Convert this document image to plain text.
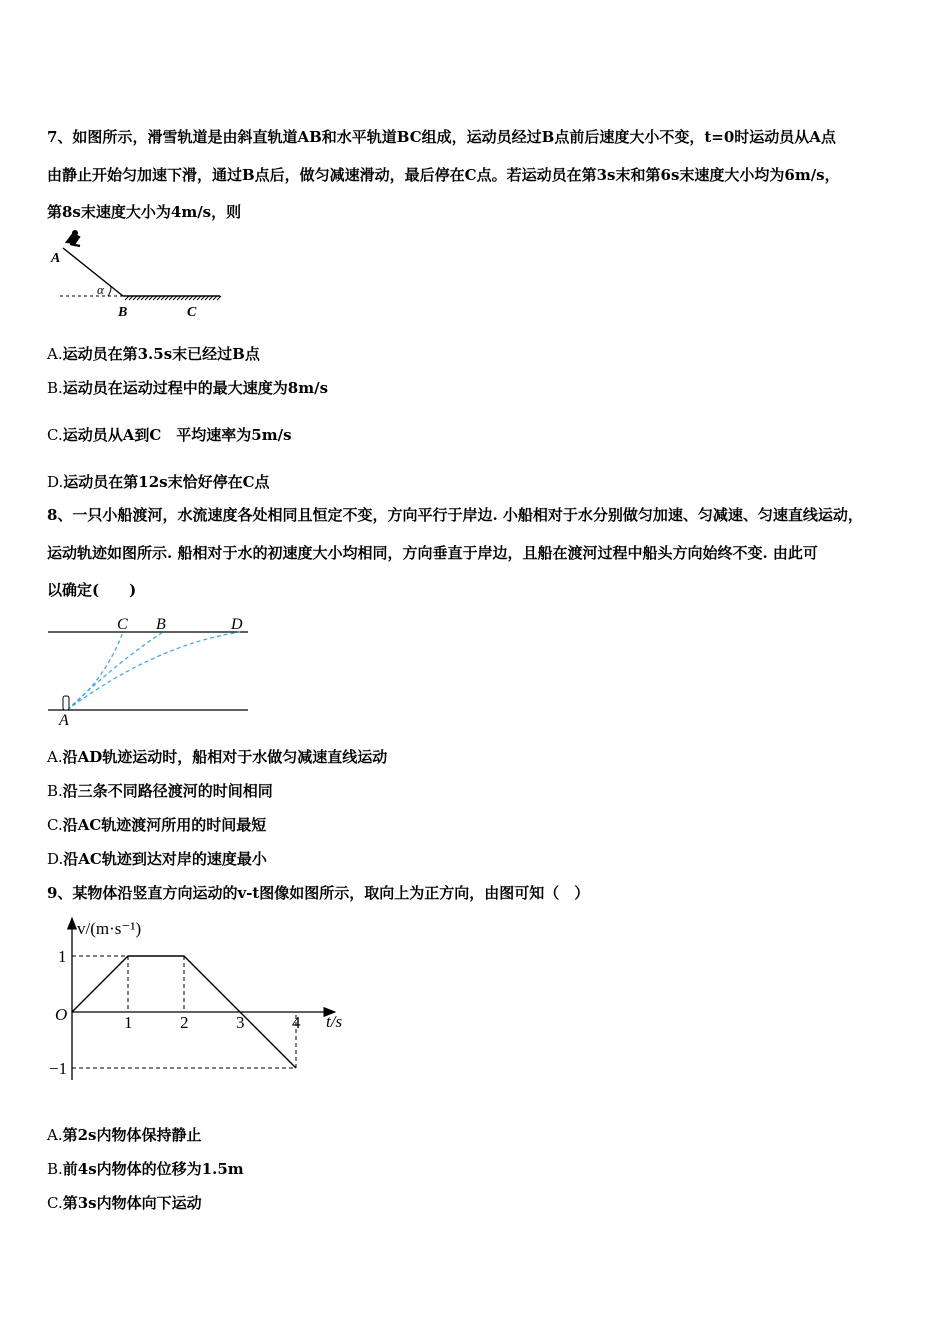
7、如图所示，滑雪轨道是由斜直轨道AB和水平轨道BC组成，运动员经过B点前后速度大小不变，t=0时运动员从A点
由静止开始匀加速下滑，通过B点后，做匀减速滑动，最后停在C点。若运动员在第3s末和第6s末速度大小均为6m/s，
第8s末速度大小为4m/s，则
A
α
B	C
A.运动员在第3.5s末已经过B点
B.运动员在运动过程中的最大速度为8m/s
C.运动员从A到C　平均速率为5m/s
D.运动员在第12s末恰好停在C点
8、一只小船渡河，水流速度各处相同且恒定不变，方向平行于岸边. 小船相对于水分别做匀加速、匀减速、匀速直线运动，
运动轨迹如图所示. 船相对于水的初速度大小均相同，方向垂直于岸边，且船在渡河过程中船头方向始终不变. 由此可
以确定(　　)
C B	D
A
A.沿AD轨迹运动时，船相对于水做匀减速直线运动
B.沿三条不同路径渡河的时间相同
C.沿AC轨迹渡河所用的时间最短
D.沿AC轨迹到达对岸的速度最小
9、某物体沿竖直方向运动的v-t图像如图所示，取向上为正方向，由图可知（　）
v/(m·s⁻¹)
t/s
O	1	2	3	4
1
−1
A.第2s内物体保持静止
B.前4s内物体的位移为1.5m
C.第3s内物体向下运动
